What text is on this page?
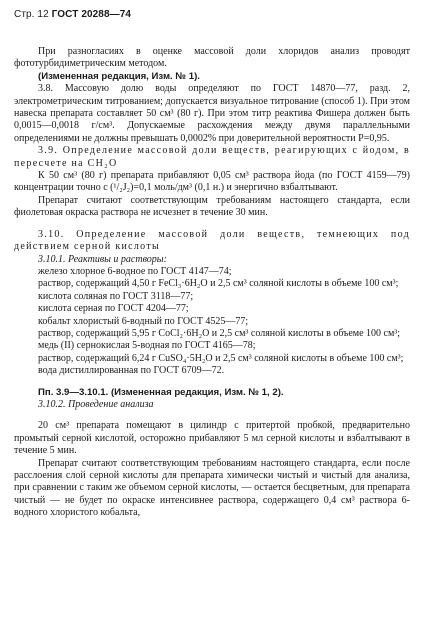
Стр. 12 ГОСТ 20288—74

При разногласиях в оценке массовой доли хлоридов анализ проводят фототурбидиметрическим методом.

(Измененная редакция, Изм. № 1).

3.8. Массовую долю воды определяют по ГОСТ 14870—77, разд. 2, электрометрическим титрованием; допускается визуальное титрование (способ 1). При этом навеска препарата составляет 50 см³ (80 г). При этом титр реактива Фишера должен быть 0,0015—0,0018 г/см³. Допускаемые расхождения между двумя параллельными определениями не должны превышать 0,0002% при доверительной вероятности P=0,95.

3.9. Определение массовой доли веществ, реагирующих с йодом, в пересчете на CH₂O

К 50 см³ (80 г) препарата прибавляют 0,05 см³ раствора йода (по ГОСТ 4159—79) концентрации точно с (¹/₂J₂)=0,1 моль/дм³ (0,1 н.) и энергично взбалтывают.

Препарат считают соответствующим требованиям настоящего стандарта, если фиолетовая окраска раствора не исчезнет в течение 30 мин.

3.10. Определение массовой доли веществ, темнеющих под действием серной кислоты

3.10.1. Реактивы и растворы:

железо хлорное 6-водное по ГОСТ 4147—74;

раствор, содержащий 4,50 г FeCl₃·6H₂O и 2,5 см³ соляной кислоты в объеме 100 см³;

кислота соляная по ГОСТ 3118—77;

кислота серная по ГОСТ 4204—77;

кобальт хлористый 6-водный по ГОСТ 4525—77;

раствор, содержащий 5,95 г CoCl₂·6H₂O и 2,5 см³ соляной кислоты в объеме 100 см³;

медь (II) сернокислая 5-водная по ГОСТ 4165—78;

раствор, содержащий 6,24 г CuSO₄·5H₂O и 2,5 см³ соляной кислоты в объеме 100 см³;

вода дистиллированная по ГОСТ 6709—72.

Пп. 3.9—3.10.1. (Измененная редакция, Изм. № 1, 2).

3.10.2. Проведение анализа

20 см³ препарата помещают в цилиндр с притертой пробкой, предварительно промытый серной кислотой, осторожно прибавляют 5 мл серной кислоты и взбалтывают в течение 5 мин.

Препарат считают соответствующим требованиям настоящего стандарта, если после расслоения слой серной кислоты для препарата химически чистый и чистый для анализа, при сравнении с таким же объемом серной кислоты, — остается бесцветным, для препарата чистый — не будет по окраске интенсивнее раствора, содержащего 0,4 см³ раствора 6-водного хлористого кобальта,
